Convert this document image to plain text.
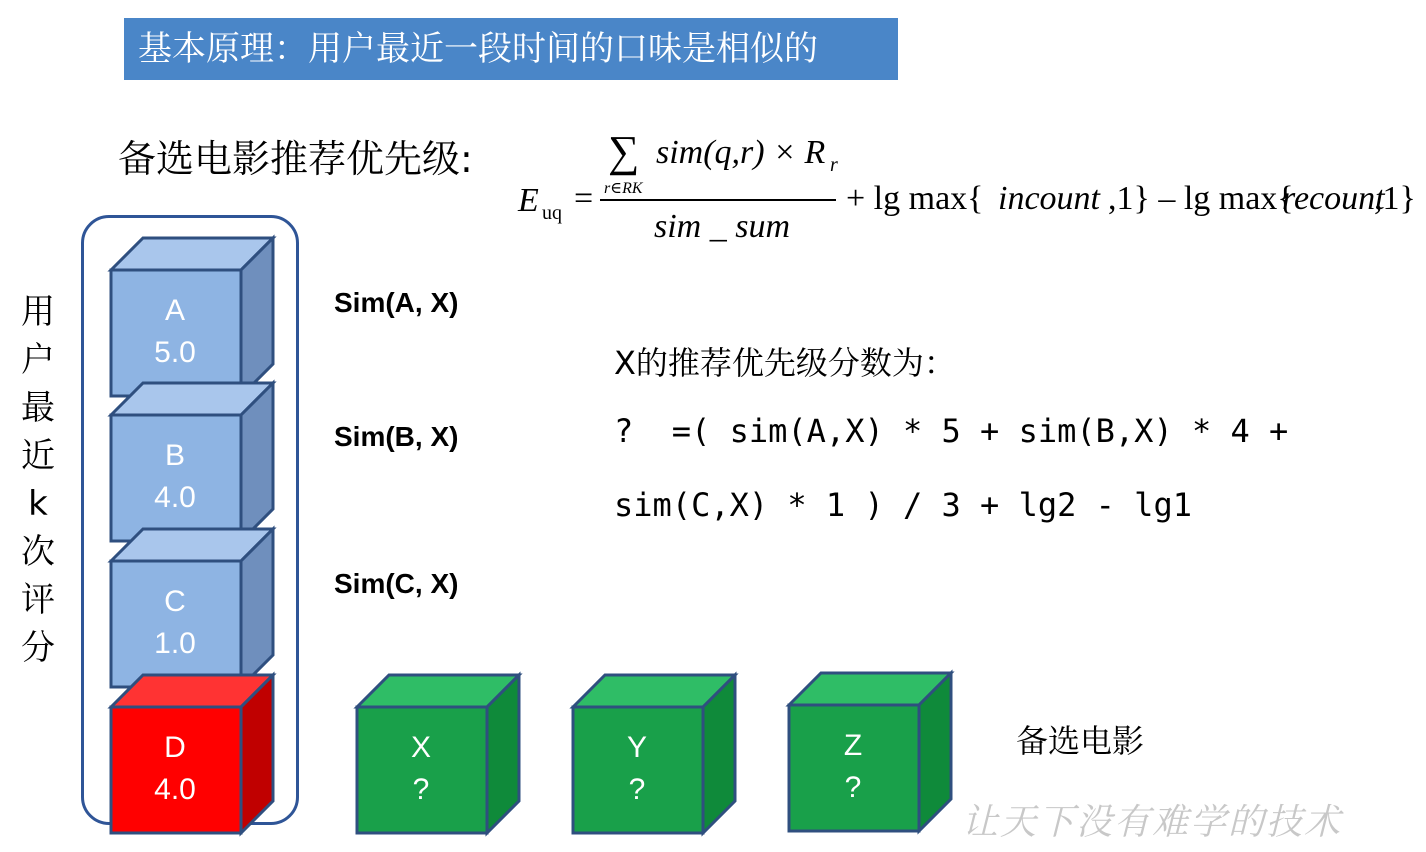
基本原理：用户最近一段时间的口味是相似的
备选电影推荐优先级:
E uq =
∑
r∈RK
sim(q,r) × R r
sim _ sum
+ lg max{ incount ,1} – lg max{
recount
,1}
用
户
最
近
k
次
评
分
A
5.0
B
4.0
C
1.0
D
4.0
Sim(A, X)
Sim(B, X)
Sim(C, X)
X的推荐优先级分数为：
?  =( sim(A,X) * 5 + sim(B,X) * 4 +
sim(C,X) * 1 ) / 3 + lg2 - lg1
X
?
Y
?
Z
?
备选电影
让天下没有难学的技术
